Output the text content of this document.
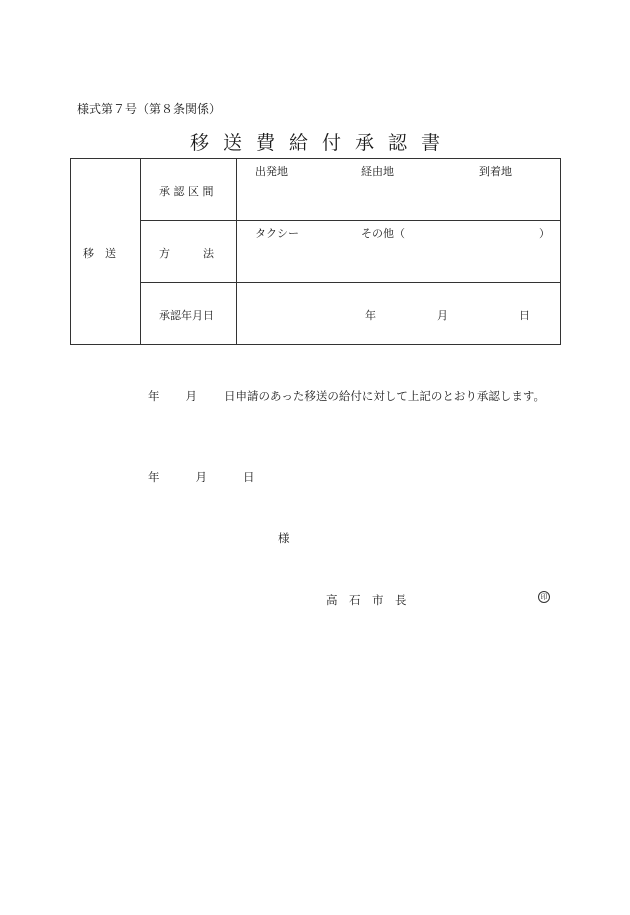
様式第７号（第８条関係）
移送費給付承認書
移　送	承 認 区 間	出発地 経由地 到着地

	方　　　法	タクシー その他（ ）

	承認年月日	年 月 日
年 月 日申請のあった移送の給付に対して上記のとおり承認します。
年	月	日
様
高　石　市　長	印
